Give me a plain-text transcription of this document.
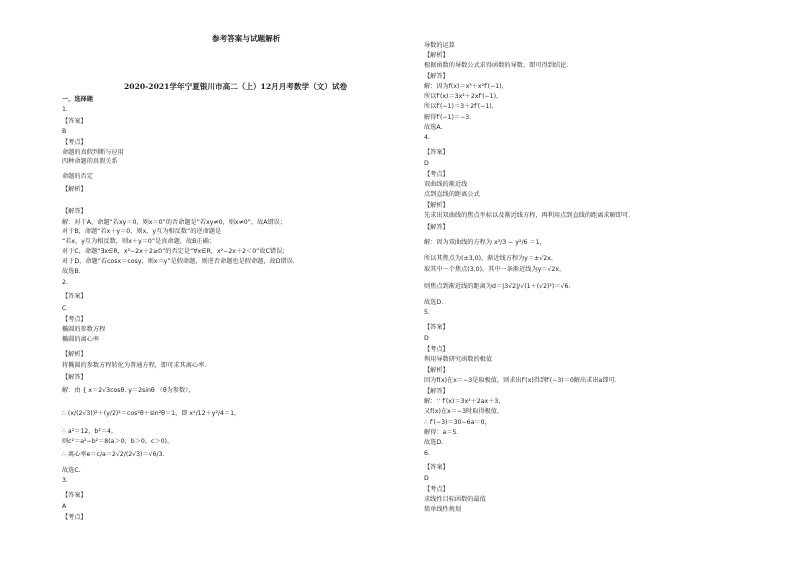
参考答案与试题解析
2020-2021学年宁夏银川市高二（上）12月月考数学（文）试卷
一、选择题
1.
【答案】
B
【考点】
命题的真假判断与应用
四种命题的真假关系
命题的否定
【解析】
【解答】
解：对于A，命题“若xy＝0，则x＝0”的否命题是“若xy≠0，则x≠0”，故A错误；
对于B，命题“若x＋y＝0，则x，y互为相反数”的逆命题是
“若x，y互为相反数，则x＋y＝0”是真命题，故B正确；
对于C，命题“∃x∈R，x²−2x＋2≥0”的否定是“∀x∈R，x²−2x＋2＜0”故C错误；
对于D，命题“若cosx＝cosy，则x＝y”是假命题，则逆否命题也是假命题，故D错误.
故选B.
2.
【答案】
C
【考点】
椭圆的参数方程
椭圆的离心率
【解析】
将椭圆的参数方程转化为普通方程，即可求其离心率.
【解答】
解：由 { x＝2√3cosθ, y＝2sinθ （θ为参数），
∴ (x/(2√3))²＋(y/2)²＝cos²θ＋sin²θ＝1，即 x²/12＋y²/4＝1，
∴ a²＝12，b²＝4，
则c²＝a²−b²＝8(a＞0，b＞0，c＞0)，
∴ 离心率e＝c/a＝2√2/(2√3)＝√6/3.
故选C.
3.
【答案】
A
【考点】
导数的运算
【解析】
根据函数的导数公式求得函数的导数，即可得到结论.
【解答】
解：因为f(x)＝x³＋x²f′(−1)，
所以f′(x)＝3x²＋2xf′(−1)，
所以f′(−1)＝3＋2f′(−1)，
解得f′(−1)＝−3.
故选A.
4.
【答案】
D
【考点】
双曲线的渐近线
点到直线的距离公式
【解析】
先求出双曲线的焦点坐标以及渐近线方程，再利用点到直线的距离求解即可.
【解答】
解：因为双曲线的方程为 x²/3 − y²/6 ＝1，
所以其焦点为(±3,0)，渐近线方程为y＝±√2x，
取其中一个焦点(3,0)，其中一条渐近线为y＝√2x，
则焦点到渐近线的距离为d＝|3√2|/√(1＋(√2)²)＝√6.
故选D.
5.
【答案】
D
【考点】
利用导数研究函数的极值
【解析】
因为f(x)在x＝−3是取极值，则求出f′(x)得到f′(−3)＝0解出求出a即可.
【解答】
解：∵ f′(x)＝3x²＋2ax＋3，
又f(x)在x＝−3时取得极值，
∴ f′(−3)＝30−6a＝0，
解得：a＝5.
故选D.
6.
【答案】
D
【考点】
求线性目标函数的最值
简单线性规划
